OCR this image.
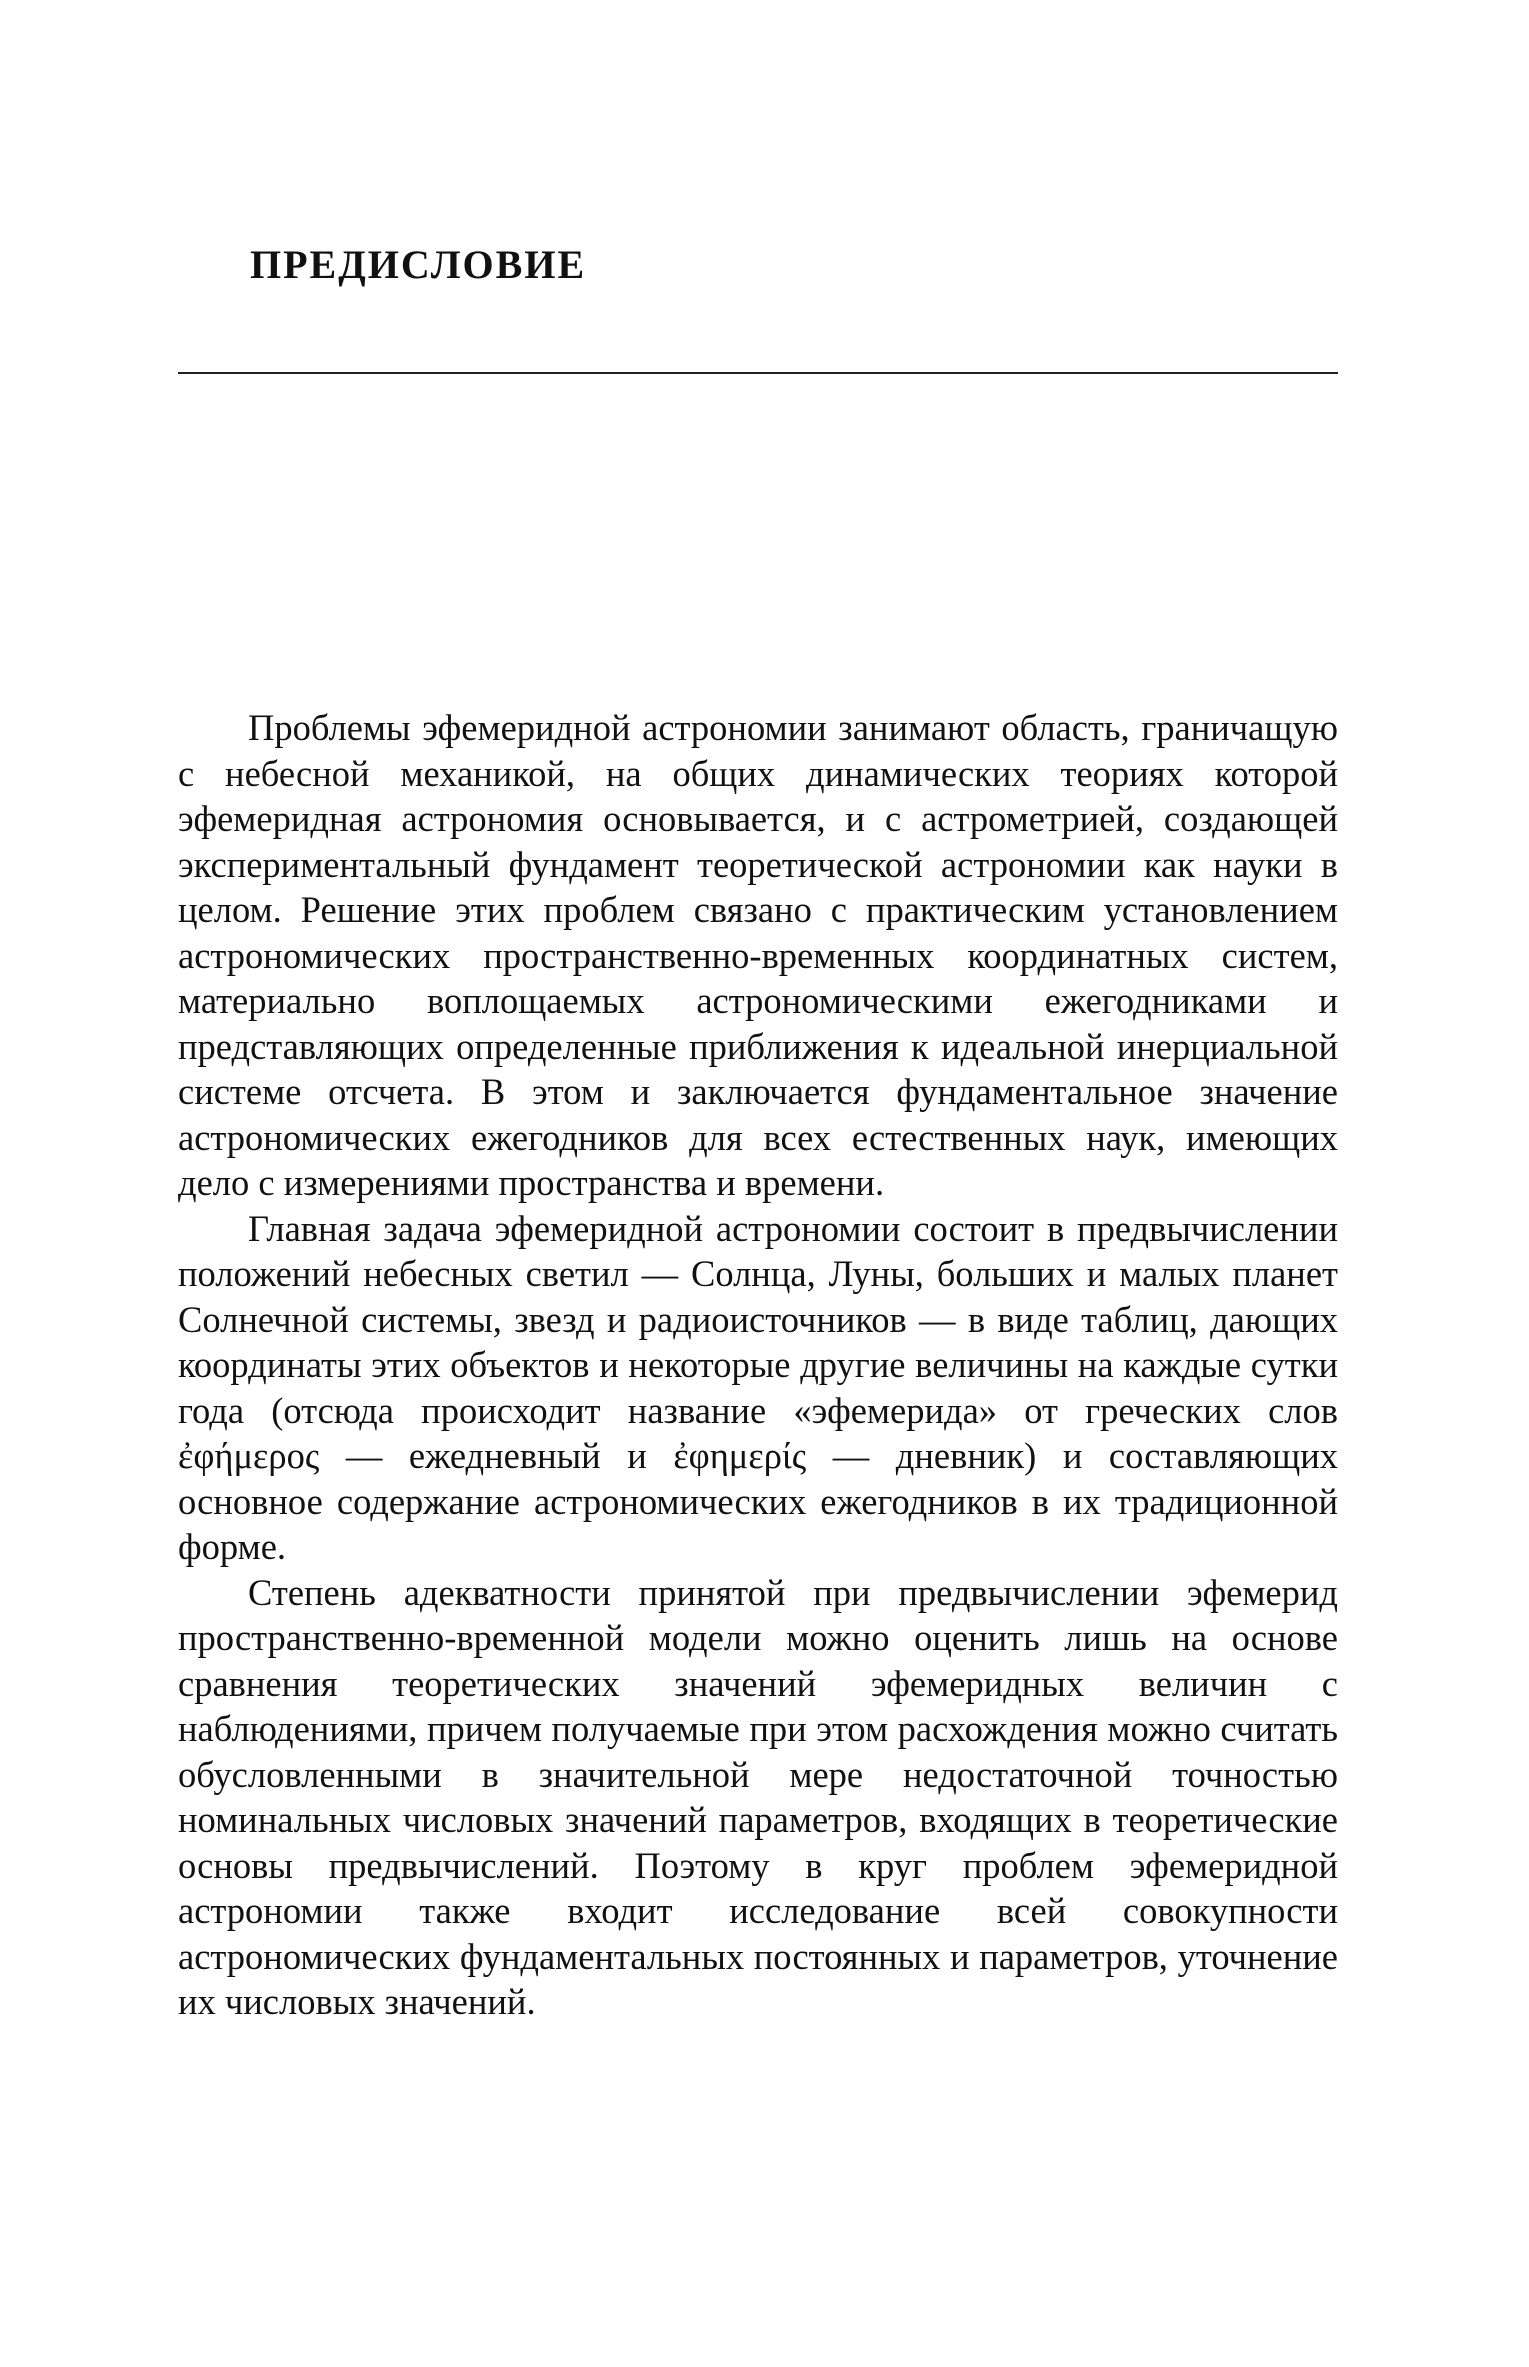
ПРЕДИСЛОВИЕ

Проблемы эфемеридной астрономии занимают область, граничащую с небесной механикой, на общих динамических теориях которой эфемеридная астрономия основывается, и с астрометрией, создающей экспериментальный фундамент теоретической астрономии как науки в целом. Решение этих проблем связано с практическим установлением астрономических пространственно-временных координатных систем, материально воплощаемых астрономическими ежегодниками и представляющих определенные приближения к идеальной инерциальной системе отсчета. В этом и заключается фундаментальное значение астрономических ежегодников для всех естественных наук, имеющих дело с измерениями пространства и времени.

Главная задача эфемеридной астрономии состоит в предвычислении положений небесных светил — Солнца, Луны, больших и малых планет Солнечной системы, звезд и радиоисточников — в виде таблиц, дающих координаты этих объектов и некоторые другие величины на каждые сутки года (отсюда происходит название «эфемерида» от греческих слов ἐφήμερος — ежедневный и ἐφημερίς — дневник) и составляющих основное содержание астрономических ежегодников в их традиционной форме.

Степень адекватности принятой при предвычислении эфемерид пространственно-временной модели можно оценить лишь на основе сравнения теоретических значений эфемеридных величин с наблюдениями, причем получаемые при этом расхождения можно считать обусловленными в значительной мере недостаточной точностью номинальных числовых значений параметров, входящих в теоретические основы предвычислений. Поэтому в круг проблем эфемеридной астрономии также входит исследование всей совокупности астрономических фундаментальных постоянных и параметров, уточнение их числовых значений.
